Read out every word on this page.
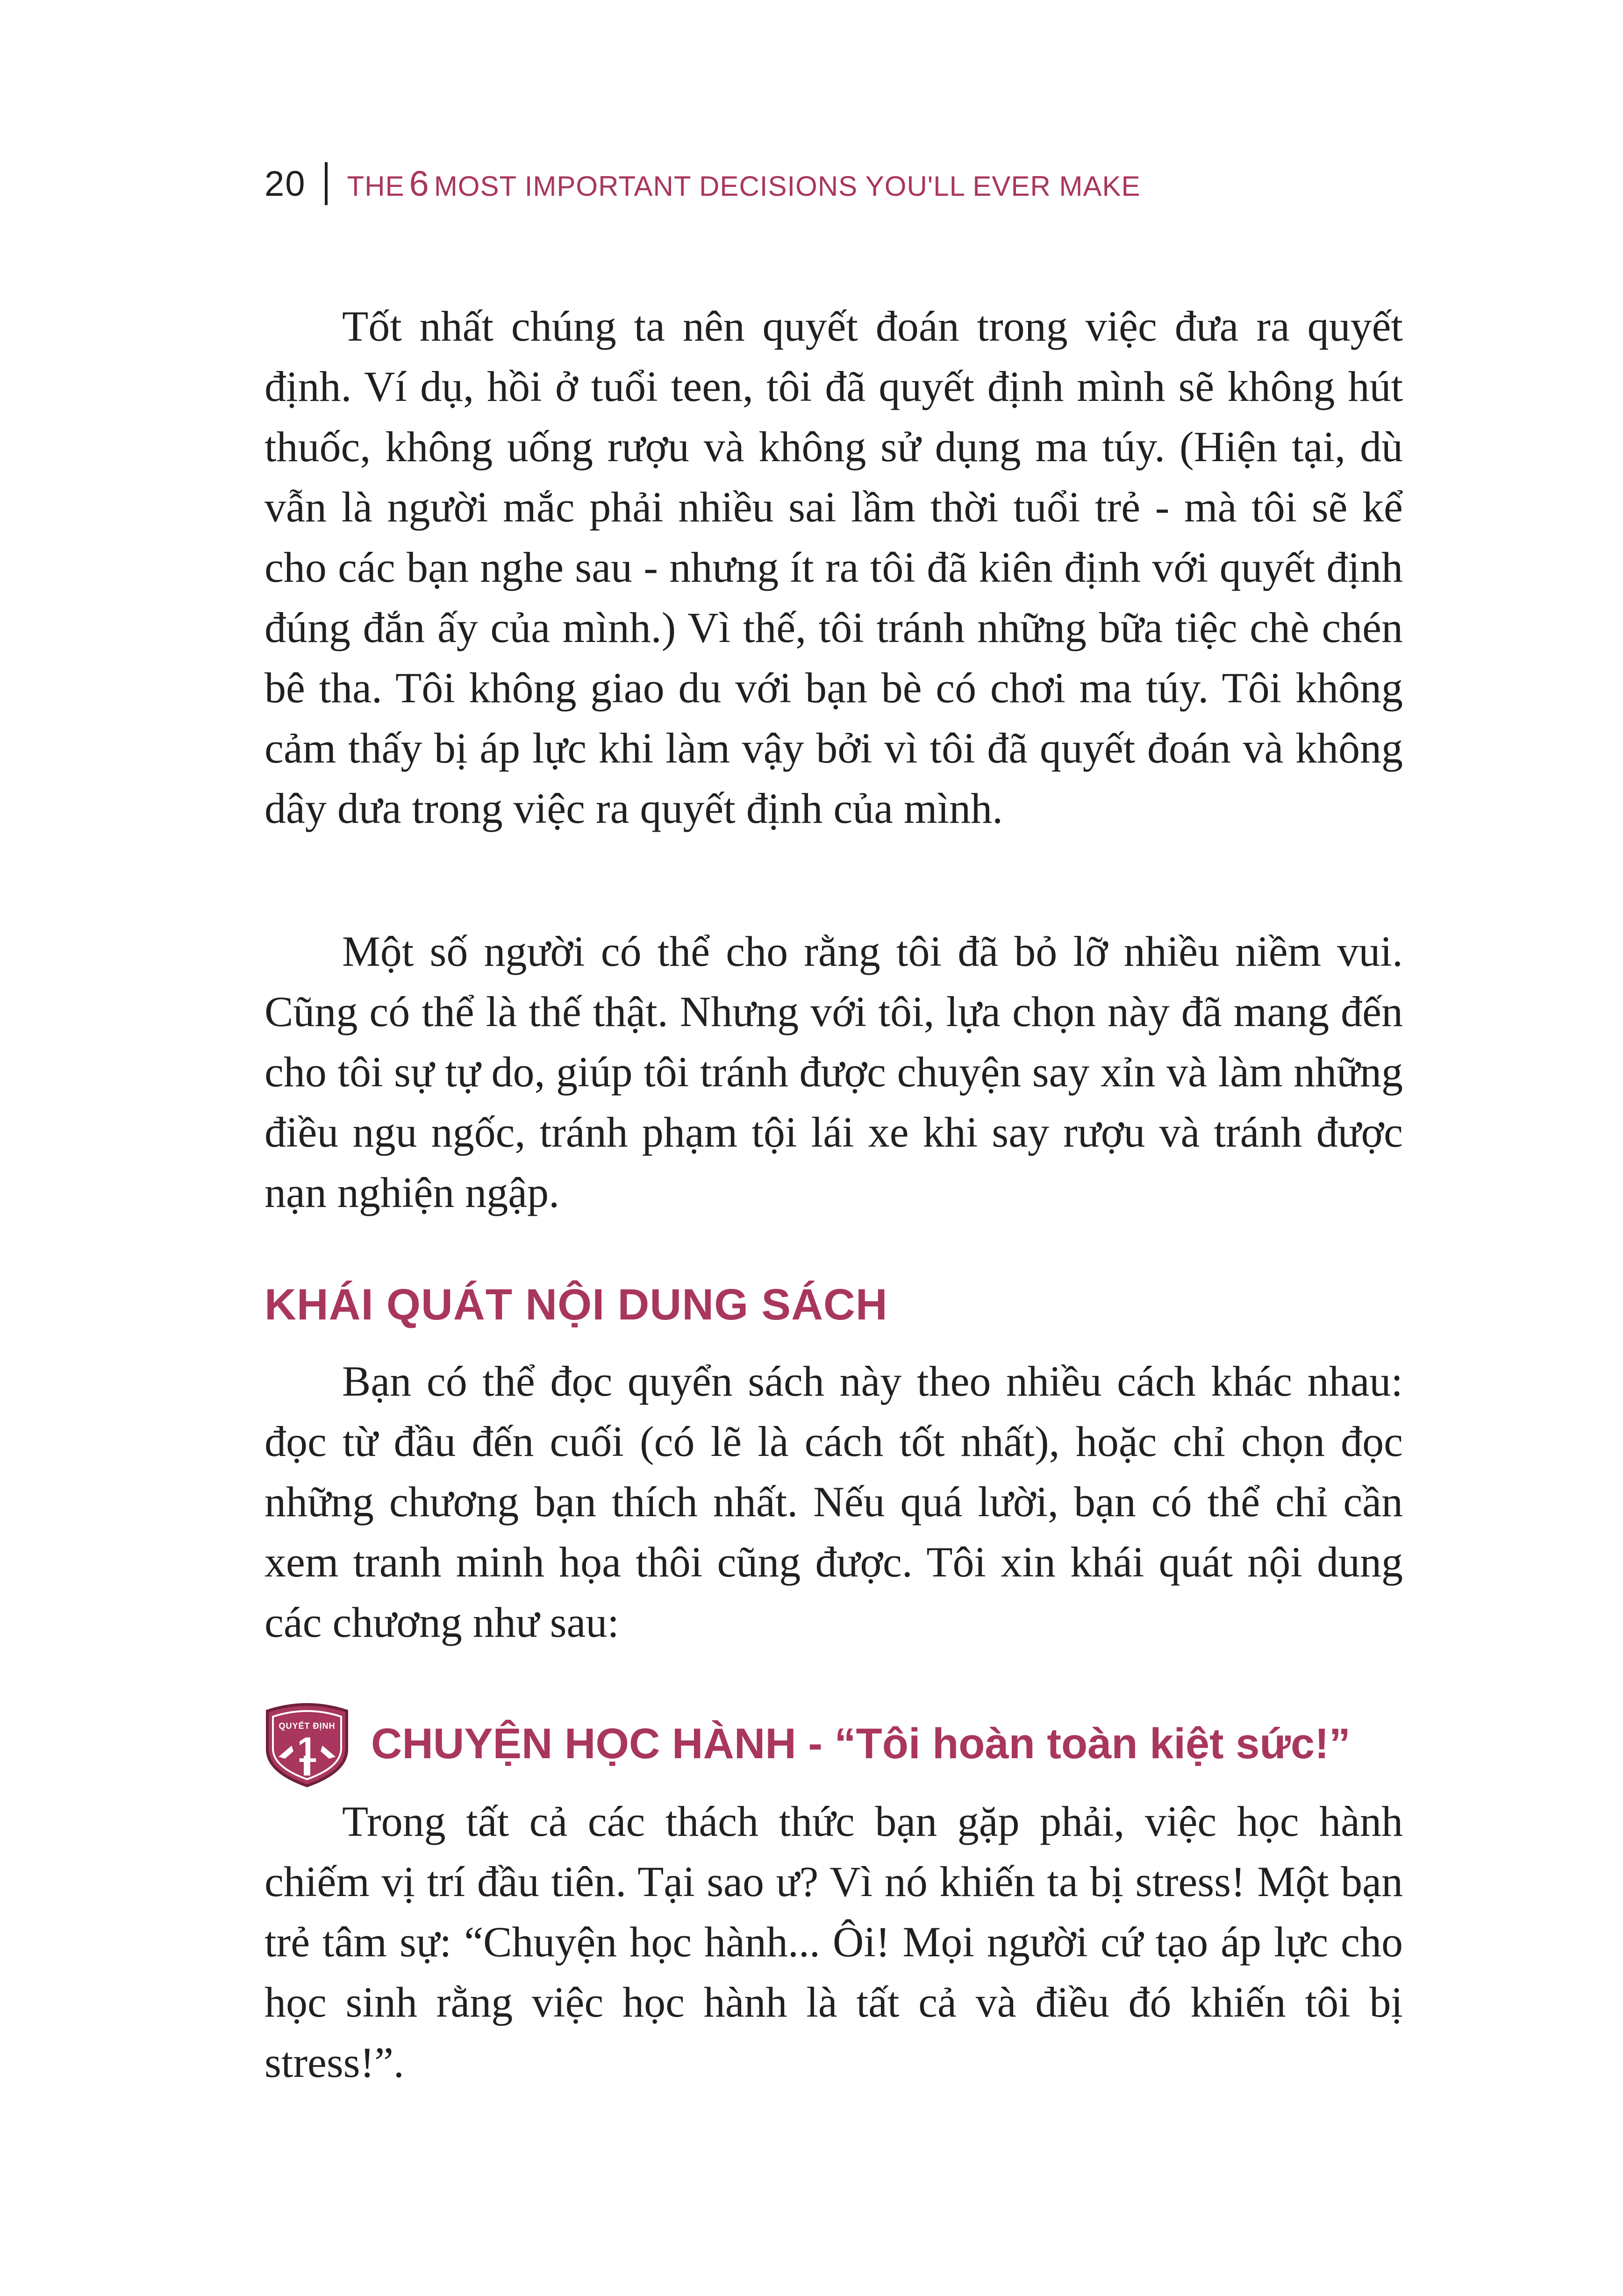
20 THE 6 MOST IMPORTANT DECISIONS YOU'LL EVER MAKE

Tốt nhất chúng ta nên quyết đoán trong việc đưa ra quyết định. Ví dụ, hồi ở tuổi teen, tôi đã quyết định mình sẽ không hút thuốc, không uống rượu và không sử dụng ma túy. (Hiện tại, dù vẫn là người mắc phải nhiều sai lầm thời tuổi trẻ - mà tôi sẽ kể cho các bạn nghe sau - nhưng ít ra tôi đã kiên định với quyết định đúng đắn ấy của mình.) Vì thế, tôi tránh những bữa tiệc chè chén bê tha. Tôi không giao du với bạn bè có chơi ma túy. Tôi không cảm thấy bị áp lực khi làm vậy bởi vì tôi đã quyết đoán và không dây dưa trong việc ra quyết định của mình.

Một số người có thể cho rằng tôi đã bỏ lỡ nhiều niềm vui. Cũng có thể là thế thật. Nhưng với tôi, lựa chọn này đã mang đến cho tôi sự tự do, giúp tôi tránh được chuyện say xỉn và làm những điều ngu ngốc, tránh phạm tội lái xe khi say rượu và tránh được nạn nghiện ngập.

KHÁI QUÁT NỘI DUNG SÁCH

Bạn có thể đọc quyển sách này theo nhiều cách khác nhau: đọc từ đầu đến cuối (có lẽ là cách tốt nhất), hoặc chỉ chọn đọc những chương bạn thích nhất. Nếu quá lười, bạn có thể chỉ cần xem tranh minh họa thôi cũng được. Tôi xin khái quát nội dung các chương như sau:

QUYẾT ĐỊNH
1	CHUYỆN HỌC HÀNH - “Tôi hoàn toàn kiệt sức!”

Trong tất cả các thách thức bạn gặp phải, việc học hành chiếm vị trí đầu tiên. Tại sao ư? Vì nó khiến ta bị stress! Một bạn trẻ tâm sự: “Chuyện học hành... Ôi! Mọi người cứ tạo áp lực cho học sinh rằng việc học hành là tất cả và điều đó khiến tôi bị stress!”.
